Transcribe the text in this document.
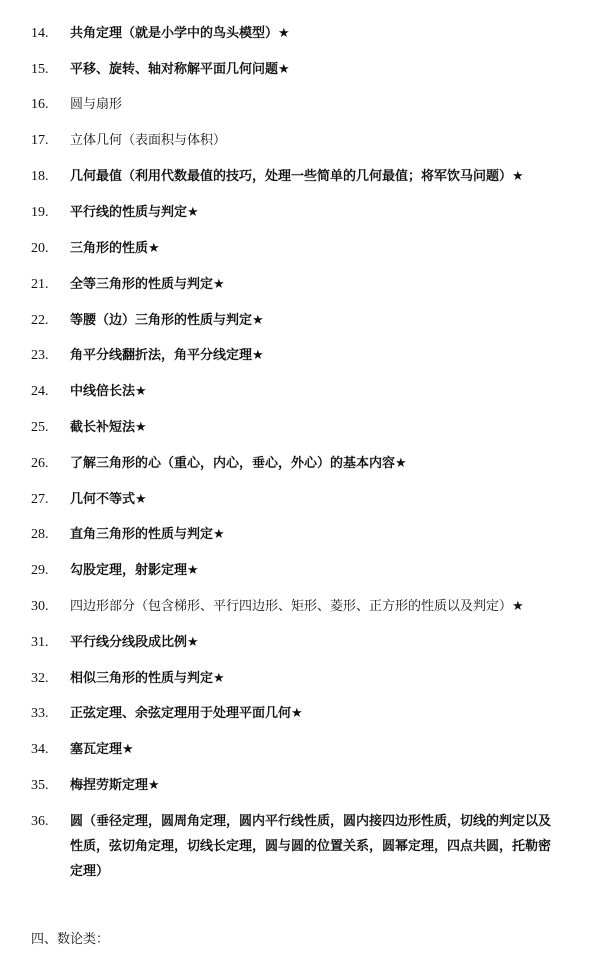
14. 共角定理（就是小学中的鸟头模型）★
15. 平移、旋转、轴对称解平面几何问题★
16. 圆与扇形
17. 立体几何（表面积与体积）
18. 几何最值（利用代数最值的技巧，处理一些简单的几何最值；将军饮马问题）★
19. 平行线的性质与判定★
20. 三角形的性质★
21. 全等三角形的性质与判定★
22. 等腰（边）三角形的性质与判定★
23. 角平分线翻折法，角平分线定理★
24. 中线倍长法★
25. 截长补短法★
26. 了解三角形的心（重心，内心，垂心，外心）的基本内容★
27. 几何不等式★
28. 直角三角形的性质与判定★
29. 勾股定理，射影定理★
30. 四边形部分（包含梯形、平行四边形、矩形、菱形、正方形的性质以及判定）★
31. 平行线分线段成比例★
32. 相似三角形的性质与判定★
33. 正弦定理、余弦定理用于处理平面几何★
34. 塞瓦定理★
35. 梅捏劳斯定理★
36. 圆（垂径定理，圆周角定理，圆内平行线性质，圆内接四边形性质，切线的判定以及性质，弦切角定理，切线长定理，圆与圆的位置关系，圆幂定理，四点共圆，托勒密定理）
四、数论类：
